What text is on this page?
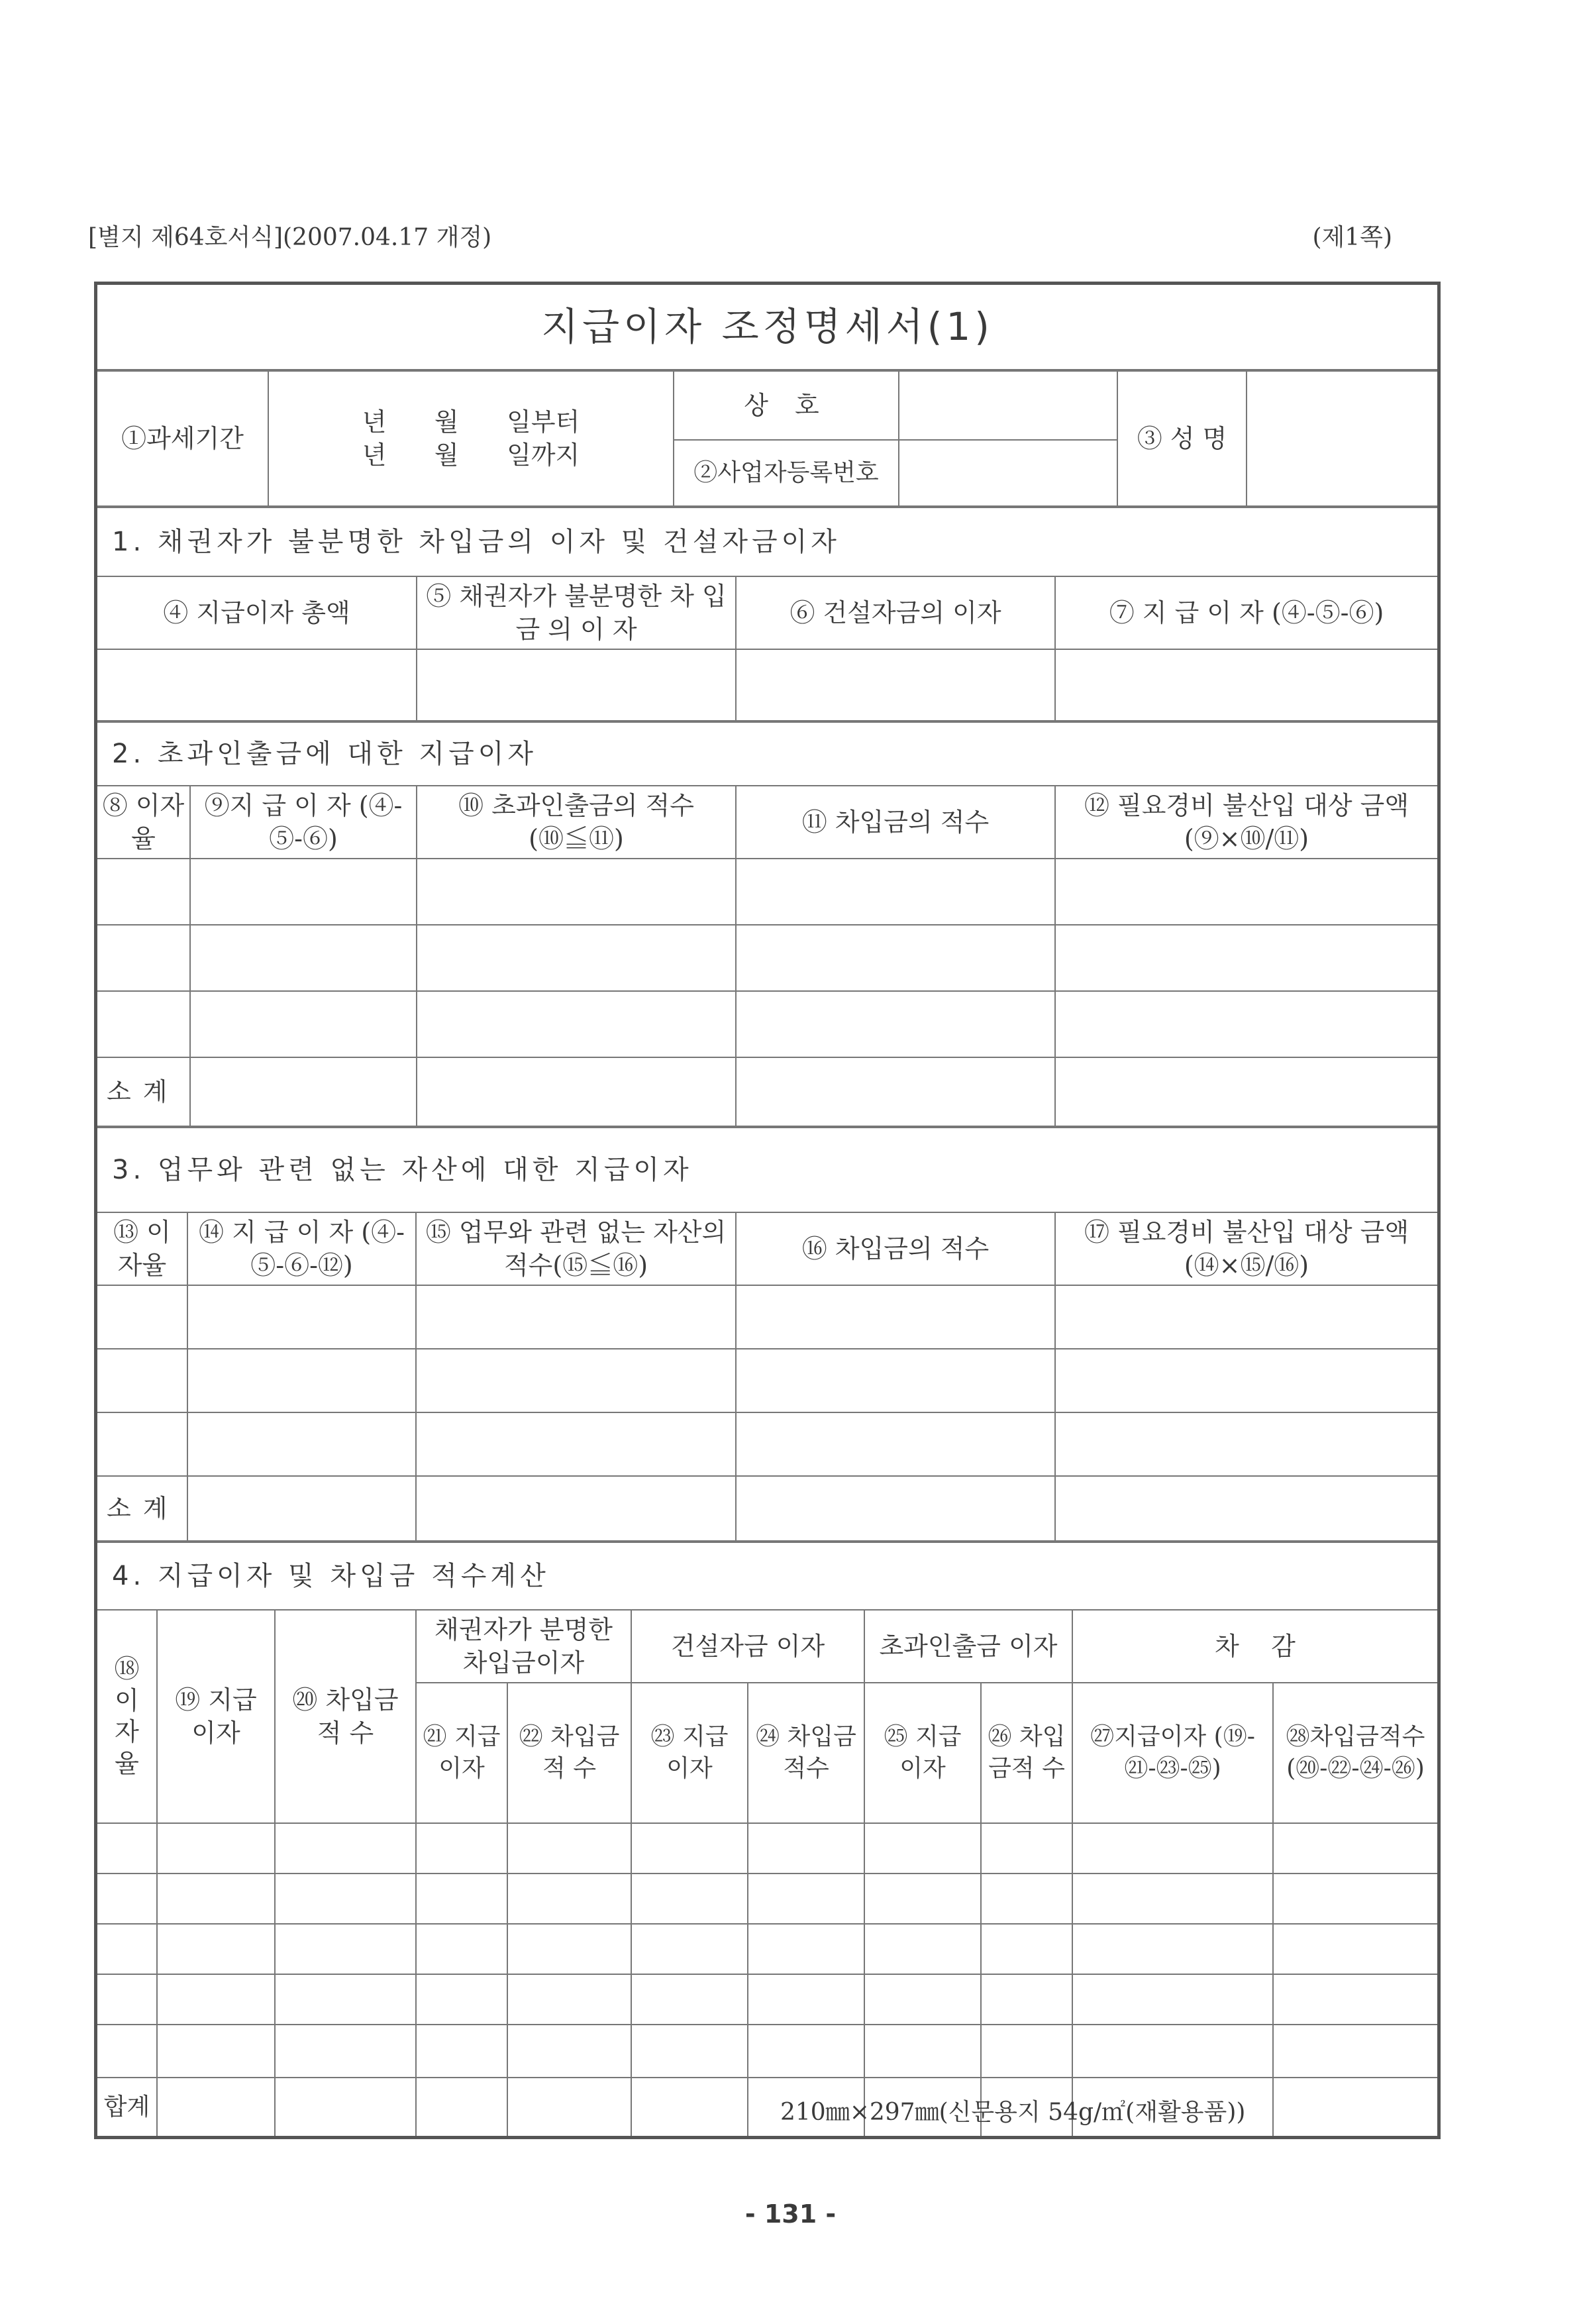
[별지 제64호서식](2007.04.17 개정)	(제1쪽)
지급이자 조정명세서(1)
①과세기간	년      월      일부터
년      월      일까지	상 호		③ 성 명	
		②사업자등록번호			
1. 채권자가 불분명한 차입금의 이자 및 건설자금이자			
④ 지급이자 총액	⑤ 채권자가 불분명한 차 입 금 의 이 자	⑥ 건설자금의 이자	⑦ 지 급 이 자 (④-⑤-⑥)

2. 초과인출금에 대한 지급이자				
⑧ 이자율	⑨지 급 이 자 (④-⑤-⑥)	⑩ 초과인출금의 적수 (⑩≦⑪)	⑪ 차입금의 적수	⑫ 필요경비 불산입 대상 금액(⑨×⑩/⑪)

소 계				
3. 업무와 관련 없는 자산에 대한 지급이자				
⑬ 이자율	⑭ 지 급 이 자 (④-⑤-⑥-⑫)	⑮ 업무와 관련 없는 자산의 적수(⑮≦⑯)	⑯ 차입금의 적수	⑰ 필요경비 불산입 대상 금액(⑭×⑮/⑯)

소 계				
4. 지급이자 및 차입금 적수계산										

⑱이자율	⑲ 지급 이자	⑳ 차입금 적 수	채권자가 분명한 차입금이자		건설자금 이자		초과인출금 이자		차    감	
			㉑ 지급 이자	㉒ 차입금적 수	㉓ 지급 이자	㉔ 차입금 적수	㉕ 지급 이자	㉖ 차입금적 수	㉗지급이자 (⑲-㉑-㉓-㉕)	㉘차입금적수 (⑳-㉒-㉔-㉖)

합계											210㎜×297㎜(신문용지 54g/㎡(재활용품))
- 131 -
